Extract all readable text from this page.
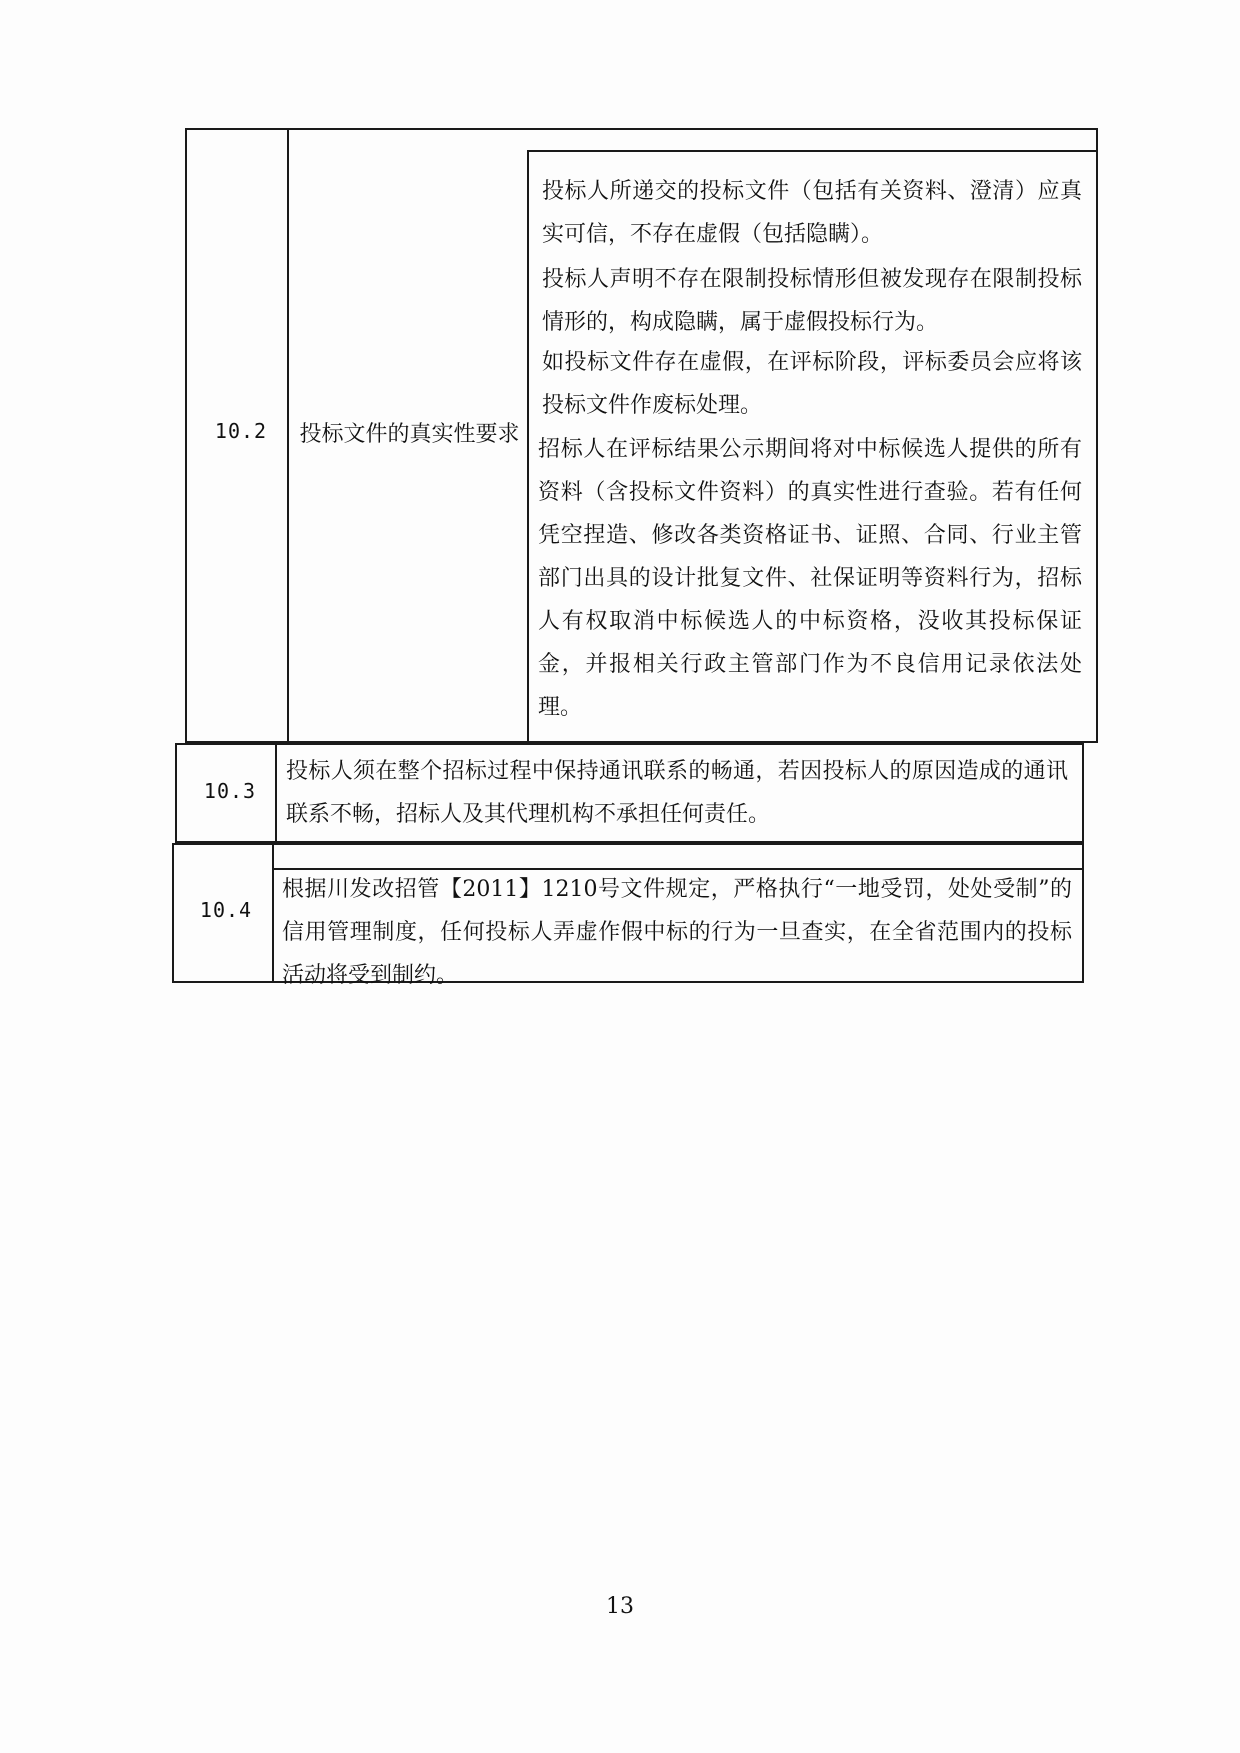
10.2	投标文件的真实性要求
投标人所递交的投标文件（包括有关资料、澄清）应真实可信，不存在虚假（包括隐瞒）。
投标人声明不存在限制投标情形但被发现存在限制投标情形的，构成隐瞒，属于虚假投标行为。
如投标文件存在虚假，在评标阶段，评标委员会应将该投标文件作废标处理。
招标人在评标结果公示期间将对中标候选人提供的所有资料（含投标文件资料）的真实性进行查验。若有任何凭空捏造、修改各类资格证书、证照、合同、行业主管部门出具的设计批复文件、社保证明等资料行为，招标人有权取消中标候选人的中标资格，没收其投标保证金，并报相关行政主管部门作为不良信用记录依法处理。
10.3
投标人须在整个招标过程中保持通讯联系的畅通，若因投标人的原因造成的通讯联系不畅，招标人及其代理机构不承担任何责任。
10.4
根据川发改招管【2011】1210号文件规定，严格执行“一地受罚，处处受制”的信用管理制度，任何投标人弄虚作假中标的行为一旦查实，在全省范围内的投标活动将受到制约。
13
